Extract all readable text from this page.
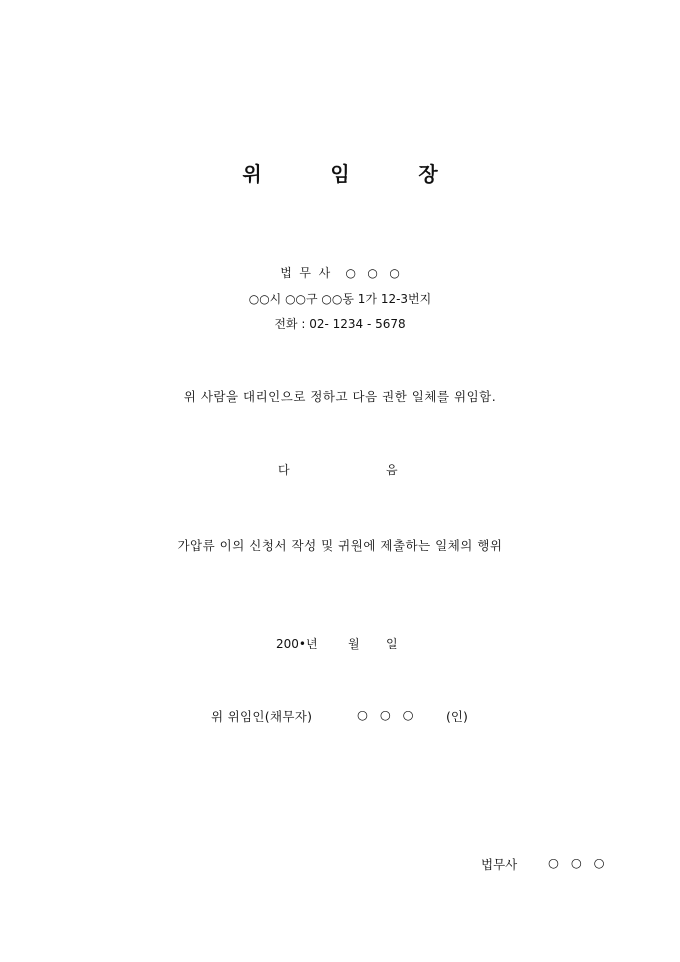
위	임	장
법  무  사    ○   ○   ○
○○시 ○○구 ○○동 1가 12-3번지
전화 : 02- 1234 - 5678
위 사람을 대리인으로 정하고 다음 권한 일체를 위임함.
다	음
가압류 이의 신청서 작성 및 귀원에 제출하는 일체의 행위
200•년	월 일
위 위임인(채무자)	○   ○   ○	(인)
법무사 ○   ○   ○
